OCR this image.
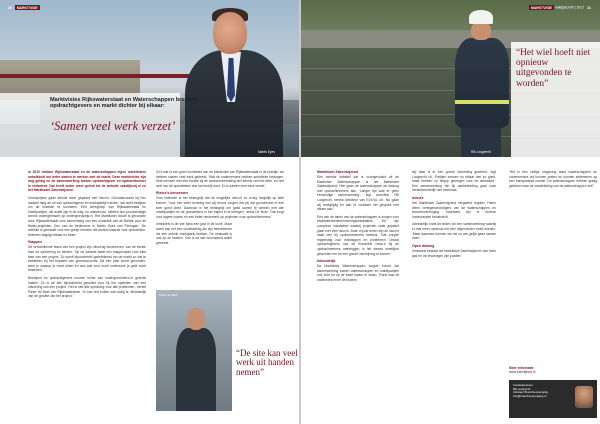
Marktvisies Rijkswaterstaat en Waterschappen brengen opdrachtgevers en markt dichter bij elkaar:
‘Samen veel werk verzet’
Martin Eyes
20 MARKTVISIE

In 2010 hebben Rijkswaterstaat en de waterschappen eigen marktvisies ontwikkeld om beter samen te werken met de markt. Deze marktvisies zijn nog geldig en de samenwerking tussen opdrachtgever en opdrachtnemer is verbeterd. Dat heeft onder meer geleid tot de website zakelijkvrij.nl en het Marktloket Zakenwijzend.

Grondprijzen gaan steeds meer gepaard met risico’s. Grondaccounts bij hen hadden lang de rol van opdrachtgever en marktpartijen afzien, dat werd bekijken om de markten te bundelen. Een werkgroep van Rijkswaterstaat en marktpartijen, die actief zijn in de weg- en waterbouw, hebben hun procesmatige kennis ondergebracht op ondergrondprijs.nl. Het Marktloket bouwt is gevonden door Rijkswaterstaat voor samenhang van een evaluatie van de Bairstr voor de Water-projecten. Een van de bedenkers is Martin Eyes van Flevogan. ‘De website is gemaakt voor een groep mensen die anders waarde voor opdrachten, iedereen begrijpt elkaar nu beter.’

Stappen

De verschillende fases van een project zijn uitvoerig beschreven, van de eerste fase tot oplevering en beheer. ‘Op de website staat een stappenplan voor elke fase van een project. Zo wordt bijvoorbeeld gedefinieerd om de markt zo dat te betrekken bij het bepalen van grondaccounts. Als een plan wordt gevonden, weet je waarop je moet letten en aan wat voor soort onderzoek je geld moet besteden.’

Bedrijven en opdrachtgevers kunnen beide van ondergrondrisico.nl gebruik maken. Zo is de site bijvoorbeeld geschikt voor bij het opstellen van een uitvoering van een project. ‘Het is niet alle oplossing voor alle problemen’, vertelt Pieter de Boer van Rijkswaterstaat. ‘Je kan niet buiten wat nodig is, afhankelijk van de grootte van het project.’

Zo’n site is een goed voorbeeld van de Marktvisie van Rijkswaterstaat in de praktijk: we hebben samen veel werk gedeeld. ‘Wat de ondernemers hebben specifieke belangen. Veel mensen met een functie bij de werkvoorbereiding wel kennis van het werk, en niet veel van de specialisten wat het bedrijf doet. Zo is samen veel werk verzet.’

Risico’s benoemen

Voor iedereen is het belangrijk dat de mogelijke risico’s zo vroeg mogelijk op tafel komen. ‘Voor een ieder ervaring kun wij ervoor zorgen dat wij dat grondverzet in één keer goed doen. Daarvoor is het belangrijk om goed samen te werken met alle marktpartijen en de grondeisers in het traject in te brengen’, aldus De Boer. ‘Dat zorgt voor lagere kosten en een beter rendement op projecten voor opdrachtnemers.’

Inmiddels is de site bijna een jaar in de lucht. Maar soms kan het een ontwikkeling als zijn betrokkenen die een enkele marktpartij hebben. De evaluatie is ook op de boeken. Ook is de site doorlopend actief geweest.

Pieter de Boer
“De site kan veel werk uit handen nemen”
“Het wiel hoeft niet opnieuw uitgevonden te worden”
Rik Loogrecht
MARKTVISIE Vaktijdschrift | 2017 21
Marktloket Zakenwijzend

Een tweede initiatief dat is voortgevloeid uit de Marktvisie Waterschappen is het Marktloket Zakenwijzend. Hier gaan de waterschappen de dialoog met opdrachtnemers aan. ‘Langer tijd was er geen eenduidige samenwerking’, legt voorzitter Rik Loogrecht, kennis directeur van ELK/UL uit. ‘Nu gaan wij vroegtijdig en aan te voorkant het gesprek met elkaar aan.’

Een van de taken van de waterschappen is zorgen voor afvalwaterbeheerzuiveringsinstallaties. Dit zijn complexe installaties waarbij projecten vaak gepland gaan met veel risico’s. Daar of juist tenen zijn de risico’s vaak niet bij opdrachtnemers bekend. ‘Dat zorgde regelmatig voor misstappen en problemen. Omdat opdrachtgevers ook de financiële risico’s bij de opdrachtnemers neerleggen, is het steeds moeilijker geworden om tot een goede inschrijving te komen.’

Inhoudelijk

De Marktvisie Waterschappen zorgde ervoor dat samenwerking tussen waterschappen en marktpartijen ook echt tot op de kaart kwam te staan. ‘Eerst was dit onderwerp meer de bodem.

wij’ daar is er een goede invloeding geweest’, legt Loogrecht uit. ‘Partijen kennen nu elkaar niet zo goed, maar hebben nu begrip gekregen voor de werkwijze.’ Een samenwerking die bij aanbesteding gaat naar verantwoordelijk niet helemaal.

Advies

Het Marktloket Zakenwijzend vergadert regulier. Hierin zitten vertegenwoordigers van de waterschappen en branchevereniging. Inmiddels zijn er diverse onderwerpen behandeld.

Uiteindelijk moet dit leiden tot een samenwerking waarbij er niet meer opnieuw het wiel uitgevonden moet worden. ‘Maar daarmee kunnen we het nu wel gelijk gaan samen doen.’

Open dialoog

Inmiddels bestaat het Marktloket Zakenwijzend ruim twee jaar en de ervaringen zijn positief.

‘Het is een veilige omgeving waar waterschappen en ondernemers vrij kunnen praten en kunnen afstemmen op een transparante manier. De waterschappen hebben graag gekeken naar de ontwikkeling van de waterschappen zelf.’

Meer informatie
www.zakelijkvrij.nl
Contactpersoon
Rik Loogrecht
Adviseur Branchevereniging
info@branchevereniging.nl
